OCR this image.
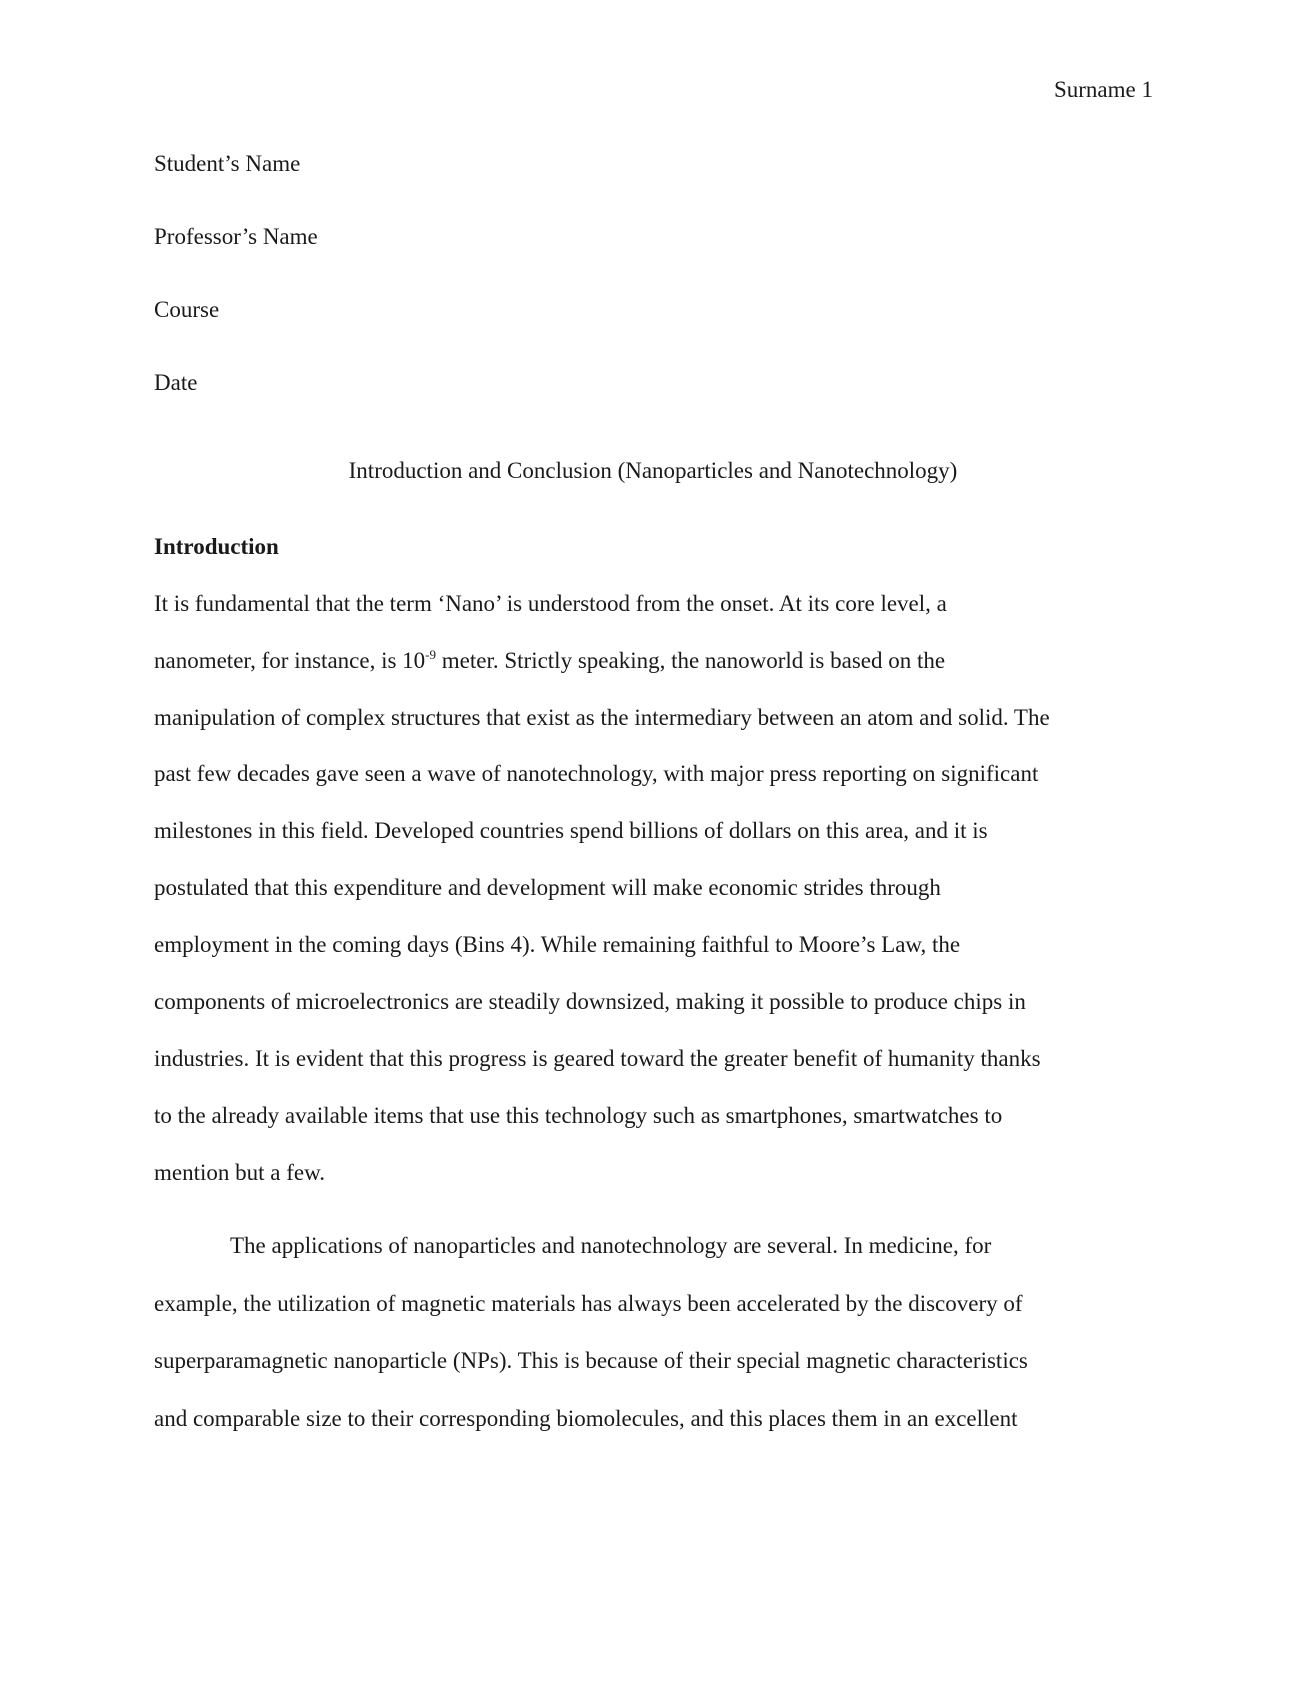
Surname 1
Student’s Name
Professor’s Name
Course
Date
Introduction and Conclusion (Nanoparticles and Nanotechnology)
Introduction
It is fundamental that the term ‘Nano’ is understood from the onset. At its core level, a
nanometer, for instance, is $10^{-9}$ meter. Strictly speaking, the nanoworld is based on the
manipulation of complex structures that exist as the intermediary between an atom and solid. The
past few decades gave seen a wave of nanotechnology, with major press reporting on significant
milestones in this field. Developed countries spend billions of dollars on this area, and it is
postulated that this expenditure and development will make economic strides through
employment in the coming days (Bins 4). While remaining faithful to Moore’s Law, the
components of microelectronics are steadily downsized, making it possible to produce chips in
industries. It is evident that this progress is geared toward the greater benefit of humanity thanks
to the already available items that use this technology such as smartphones, smartwatches to
mention but a few.
The applications of nanoparticles and nanotechnology are several. In medicine, for
example, the utilization of magnetic materials has always been accelerated by the discovery of
superparamagnetic nanoparticle (NPs). This is because of their special magnetic characteristics
and comparable size to their corresponding biomolecules, and this places them in an excellent
